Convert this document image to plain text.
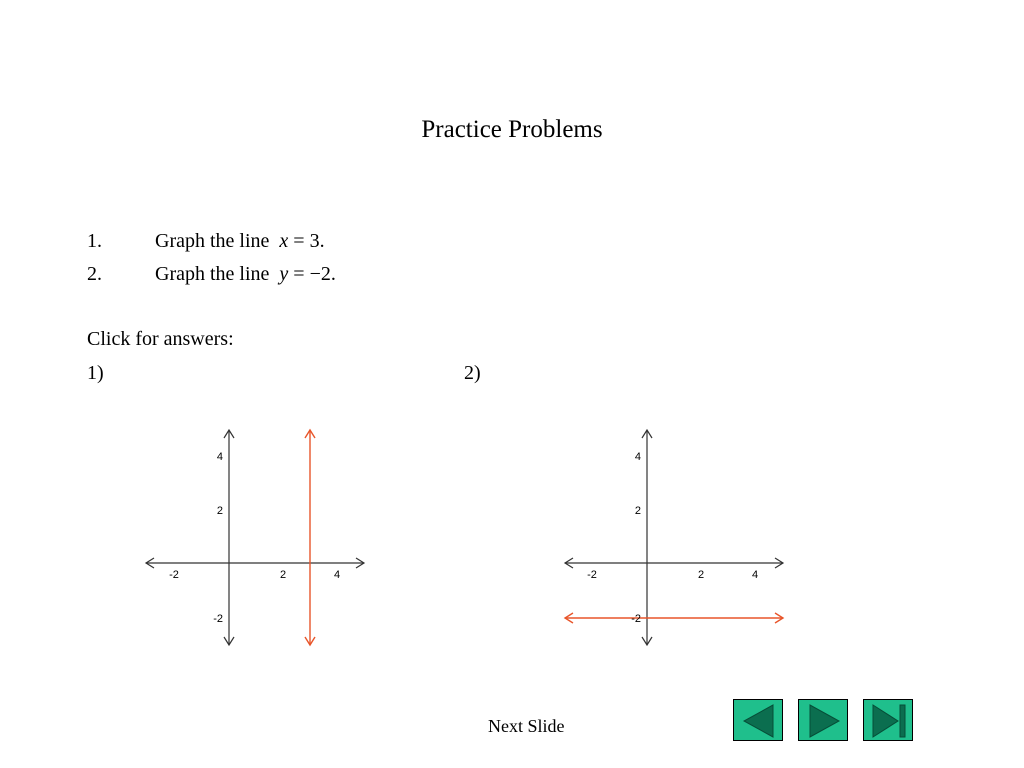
Practice Problems
1.	Graph the line x = 3.
2.	Graph the line y = −2.
Click for answers:
1)	2)
-2	2	4
4
2
-2
-2	2	4
4
2
-2
Next Slide
